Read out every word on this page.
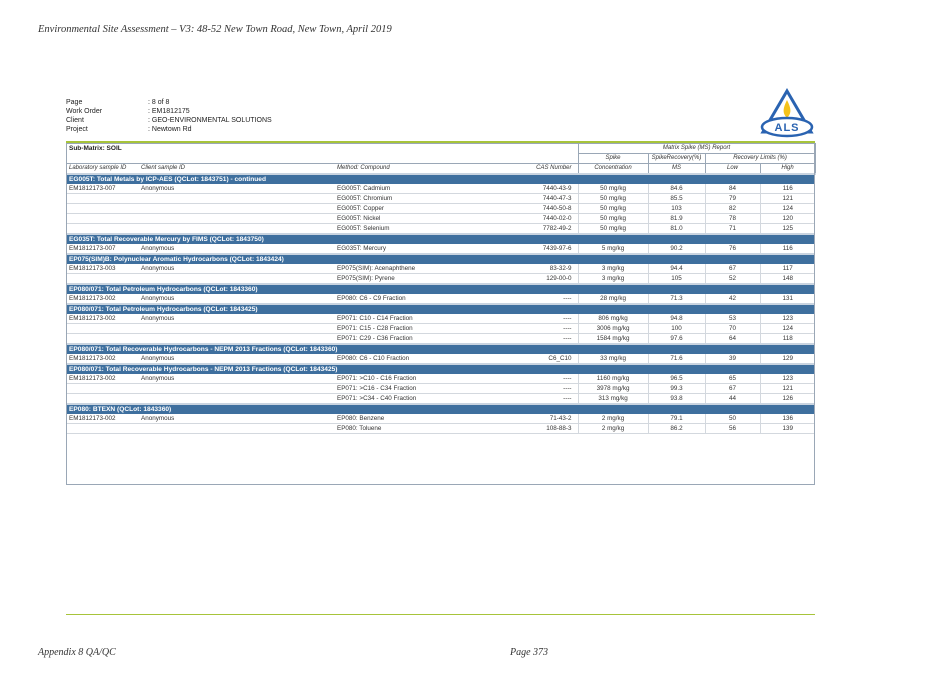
Environmental Site Assessment – V3: 48-52 New Town Road, New Town, April 2019
Page	: 8 of 8
Work Order	: EM1812175
Client	: GEO-ENVIRONMENTAL SOLUTIONS
Project	: Newtown Rd	ALS
Sub-Matrix: SOIL				Matrix Spike (MS) Report			
				Spike	SpikeRecovery(%)	Recovery Limits (%)	
Laboratory sample ID	Client sample ID	Method: Compound	CAS Number	Concentration	MS	Low	High
EG005T: Total Metals by ICP-AES (QCLot: 1843751) - continued							
EM1812173-007	Anonymous	EG005T: Cadmium	7440-43-9	50 mg/kg	84.6	84	116
		EG005T: Chromium	7440-47-3	50 mg/kg	85.5	79	121
		EG005T: Copper	7440-50-8	50 mg/kg	103	82	124
		EG005T: Nickel	7440-02-0	50 mg/kg	81.9	78	120
		EG005T: Selenium	7782-49-2	50 mg/kg	81.0	71	125
EG035T: Total Recoverable Mercury by FIMS (QCLot: 1843750)							
EM1812173-007	Anonymous	EG035T: Mercury	7439-97-6	5 mg/kg	90.2	76	116
EP075(SIM)B: Polynuclear Aromatic Hydrocarbons (QCLot: 1843424)							
EM1812173-003	Anonymous	EP075(SIM): Acenaphthene	83-32-9	3 mg/kg	94.4	67	117
		EP075(SIM): Pyrene	129-00-0	3 mg/kg	105	52	148
EP080/071: Total Petroleum Hydrocarbons (QCLot: 1843360)							
EM1812173-002	Anonymous	EP080: C6 - C9 Fraction	----	28 mg/kg	71.3	42	131
EP080/071: Total Petroleum Hydrocarbons (QCLot: 1843425)							
EM1812173-002	Anonymous	EP071: C10 - C14 Fraction	----	806 mg/kg	94.8	53	123
		EP071: C15 - C28 Fraction	----	3006 mg/kg	100	70	124
		EP071: C29 - C36 Fraction	----	1584 mg/kg	97.6	64	118
EP080/071: Total Recoverable Hydrocarbons - NEPM 2013 Fractions (QCLot: 1843360)							
EM1812173-002	Anonymous	EP080: C6 - C10 Fraction	C6_C10	33 mg/kg	71.6	39	129
EP080/071: Total Recoverable Hydrocarbons - NEPM 2013 Fractions (QCLot: 1843425)							
EM1812173-002	Anonymous	EP071: >C10 - C16 Fraction	----	1160 mg/kg	96.5	65	123
		EP071: >C16 - C34 Fraction	----	3978 mg/kg	99.3	67	121
		EP071: >C34 - C40 Fraction	----	313 mg/kg	93.8	44	126
EP080: BTEXN (QCLot: 1843360)							
EM1812173-002	Anonymous	EP080: Benzene	71-43-2	2 mg/kg	79.1	50	136
		EP080: Toluene	108-88-3	2 mg/kg	86.2	56	139
Appendix 8 QA/QC	Page 373
